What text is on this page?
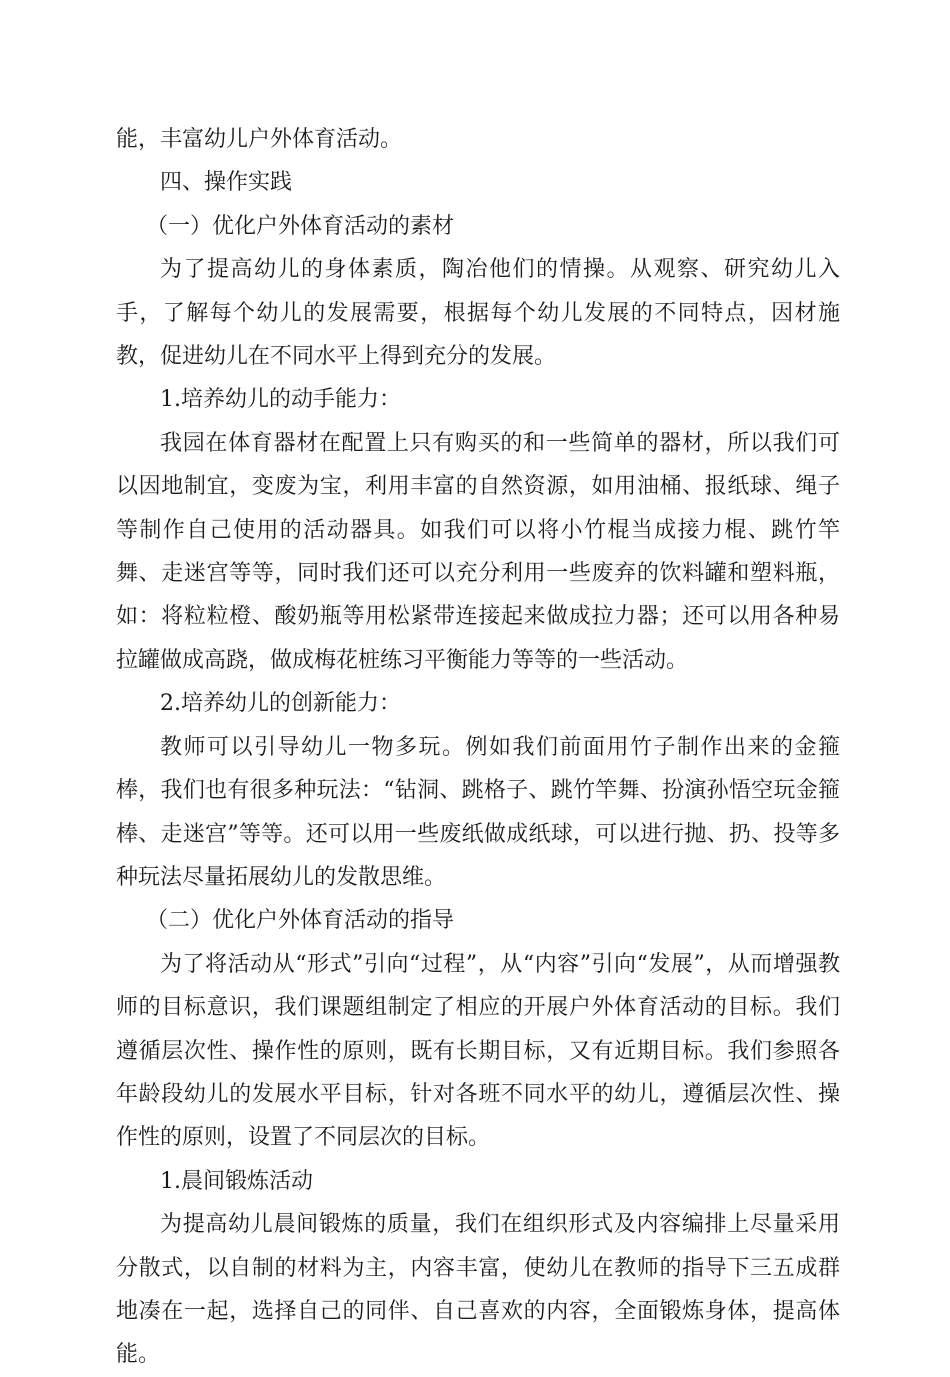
能，丰富幼儿户外体育活动。

四、操作实践

（一）优化户外体育活动的素材

为了提高幼儿的身体素质，陶冶他们的情操。从观察、研究幼儿入手，了解每个幼儿的发展需要，根据每个幼儿发展的不同特点，因材施教，促进幼儿在不同水平上得到充分的发展。

1.培养幼儿的动手能力：

我园在体育器材在配置上只有购买的和一些简单的器材，所以我们可以因地制宜，变废为宝，利用丰富的自然资源，如用油桶、报纸球、绳子等制作自己使用的活动器具。如我们可以将小竹棍当成接力棍、跳竹竿舞、走迷宫等等，同时我们还可以充分利用一些废弃的饮料罐和塑料瓶，如：将粒粒橙、酸奶瓶等用松紧带连接起来做成拉力器；还可以用各种易拉罐做成高跷，做成梅花桩练习平衡能力等等的一些活动。

2.培养幼儿的创新能力：

教师可以引导幼儿一物多玩。例如我们前面用竹子制作出来的金箍棒，我们也有很多种玩法：“钻洞、跳格子、跳竹竿舞、扮演孙悟空玩金箍棒、走迷宫”等等。还可以用一些废纸做成纸球，可以进行抛、扔、投等多种玩法尽量拓展幼儿的发散思维。

（二）优化户外体育活动的指导

为了将活动从“形式”引向“过程”，从“内容”引向“发展”，从而增强教师的目标意识，我们课题组制定了相应的开展户外体育活动的目标。我们遵循层次性、操作性的原则，既有长期目标，又有近期目标。我们参照各年龄段幼儿的发展水平目标，针对各班不同水平的幼儿，遵循层次性、操作性的原则，设置了不同层次的目标。

1.晨间锻炼活动

为提高幼儿晨间锻炼的质量，我们在组织形式及内容编排上尽量采用分散式，以自制的材料为主，内容丰富，使幼儿在教师的指导下三五成群地凑在一起，选择自己的同伴、自己喜欢的内容，全面锻炼身体，提高体能。
